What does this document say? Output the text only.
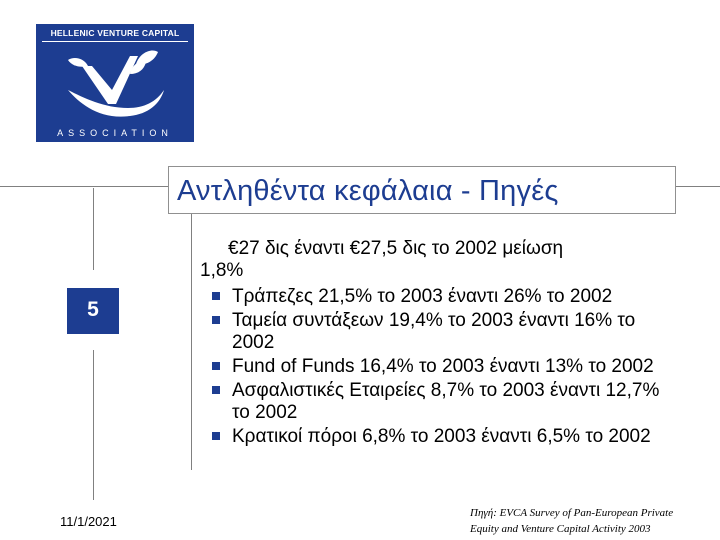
HELLENIC VENTURE CAPITAL
ASSOCIATION
Αντληθέντα κεφάλαια - Πηγές
5
11/1/2021
€27 δις έναντι €27,5 δις το 2002 μείωση
1,8%
Τράπεζες 21,5% το 2003 έναντι 26% το 2002
Ταμεία συντάξεων 19,4% το 2003 έναντι 16% το 2002
Fund of Funds 16,4% το 2003 έναντι 13% το 2002
Ασφαλιστικές Εταιρείες 8,7% το 2003 έναντι 12,7% το 2002
Κρατικοί πόροι 6,8% το 2003 έναντι 6,5% το 2002
Πηγή: EVCA Survey of Pan-European Private
Equity and Venture Capital Activity 2003
